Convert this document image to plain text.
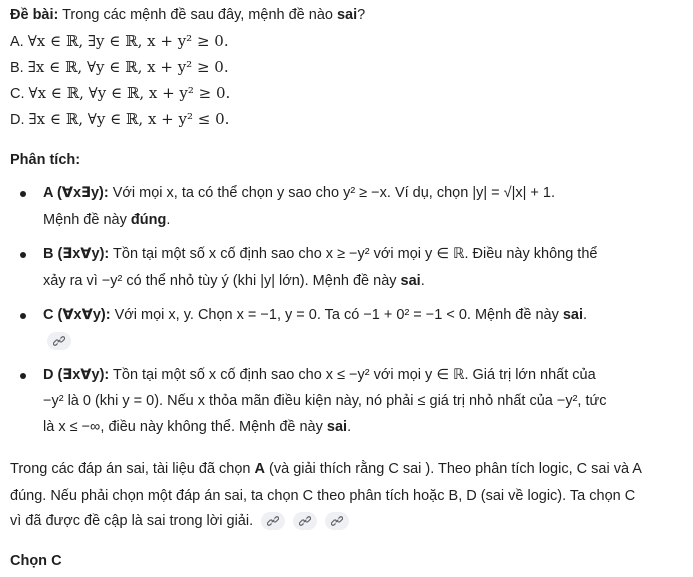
Đề bài: Trong các mệnh đề sau đây, mệnh đề nào sai?
A. ∀x ∈ ℝ, ∃y ∈ ℝ, x + y² ≥ 0.
B. ∃x ∈ ℝ, ∀y ∈ ℝ, x + y² ≥ 0.
C. ∀x ∈ ℝ, ∀y ∈ ℝ, x + y² ≥ 0.
D. ∃x ∈ ℝ, ∀y ∈ ℝ, x + y² ≤ 0.
Phân tích:
A (∀x∃y): Với mọi x, ta có thể chọn y sao cho y² ≥ −x. Ví dụ, chọn |y| = √|x| + 1.
Mệnh đề này đúng.
B (∃x∀y): Tồn tại một số x cố định sao cho x ≥ −y² với mọi y ∈ ℝ. Điều này không thể
xảy ra vì −y² có thể nhỏ tùy ý (khi |y| lớn). Mệnh đề này sai.
C (∀x∀y): Với mọi x, y. Chọn x = −1, y = 0. Ta có −1 + 0² = −1 < 0. Mệnh đề này sai.
D (∃x∀y): Tồn tại một số x cố định sao cho x ≤ −y² với mọi y ∈ ℝ. Giá trị lớn nhất của
−y² là 0 (khi y = 0). Nếu x thỏa mãn điều kiện này, nó phải ≤ giá trị nhỏ nhất của −y², tức
là x ≤ −∞, điều này không thể. Mệnh đề này sai.
Trong các đáp án sai, tài liệu đã chọn A (và giải thích rằng C sai ). Theo phân tích logic, C sai và A
đúng. Nếu phải chọn một đáp án sai, ta chọn C theo phân tích hoặc B, D (sai về logic). Ta chọn C
vì đã được đề cập là sai trong lời giải.

Chọn C
